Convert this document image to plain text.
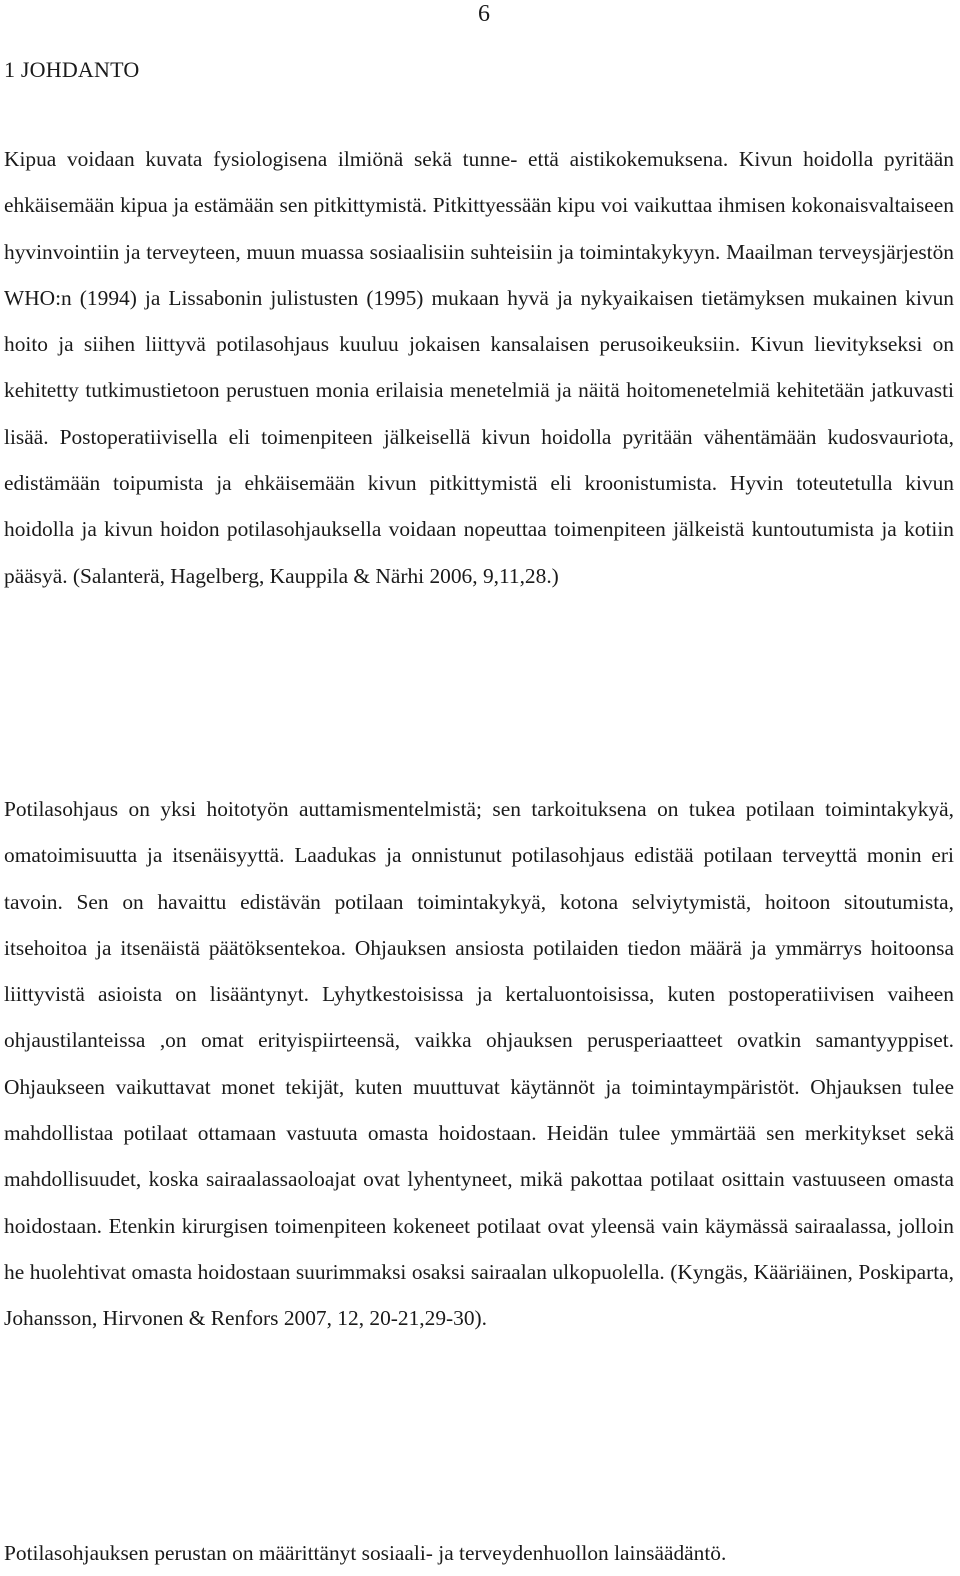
6
1 JOHDANTO

Kipua voidaan kuvata fysiologisena ilmiönä sekä tunne- että aistikokemuksena. Kivun hoidolla pyritään ehkäisemään kipua ja estämään sen pitkittymistä. Pitkittyessään kipu voi vaikuttaa ihmisen kokonaisvaltaiseen hyvinvointiin ja terveyteen, muun muassa sosiaalisiin suhteisiin ja toimintakykyyn. Maailman terveysjärjestön WHO:n (1994) ja Lissabonin julistusten (1995) mukaan hyvä ja nykyaikaisen tietämyksen mukainen kivun hoito ja siihen liittyvä potilasohjaus kuuluu jokaisen kansalaisen perusoikeuksiin. Kivun lievitykseksi on kehitetty tutkimustietoon perustuen monia erilaisia menetelmiä ja näitä hoitomenetelmiä kehitetään jatkuvasti lisää. Postoperatiivisella eli toimenpiteen jälkeisellä kivun hoidolla pyritään vähentämään kudosvauriota, edistämään toipumista ja ehkäisemään kivun pitkittymistä eli kroonistumista. Hyvin toteutetulla kivun hoidolla ja kivun hoidon potilasohjauksella voidaan nopeuttaa toimenpiteen jälkeistä kuntoutumista ja kotiin pääsyä. (Salanterä, Hagelberg, Kauppila & Närhi 2006, 9,11,28.)

Potilasohjaus on yksi hoitotyön auttamismentelmistä; sen tarkoituksena on tukea potilaan toimintakykyä, omatoimisuutta ja itsenäisyyttä. Laadukas ja onnistunut potilasohjaus edistää potilaan terveyttä monin eri tavoin. Sen on havaittu edistävän potilaan toimintakykyä, kotona selviytymistä, hoitoon sitoutumista, itsehoitoa ja itsenäistä päätöksentekoa. Ohjauksen ansiosta potilaiden tiedon määrä ja ymmärrys hoitoonsa liittyvistä asioista on lisääntynyt. Lyhytkestoisissa ja kertaluontoisissa, kuten postoperatiivisen vaiheen ohjaustilanteissa ,on omat erityispiirteensä, vaikka ohjauksen perusperiaatteet ovatkin samantyyppiset. Ohjaukseen vaikuttavat monet tekijät, kuten muuttuvat käytännöt ja toimintaympäristöt. Ohjauksen tulee mahdollistaa potilaat ottamaan vastuuta omasta hoidostaan. Heidän tulee ymmärtää sen merkitykset sekä mahdollisuudet, koska sairaalassaoloajat ovat lyhentyneet, mikä pakottaa potilaat osittain vastuuseen omasta hoidostaan. Etenkin kirurgisen toimenpiteen kokeneet potilaat ovat yleensä vain käymässä sairaalassa, jolloin he huolehtivat omasta hoidostaan suurimmaksi osaksi sairaalan ulkopuolella. (Kyngäs, Kääriäinen, Poskiparta, Johansson, Hirvonen & Renfors 2007, 12, 20-21,29-30).

Potilasohjauksen perustan on määrittänyt sosiaali- ja terveydenhuollon lainsäädäntö.
